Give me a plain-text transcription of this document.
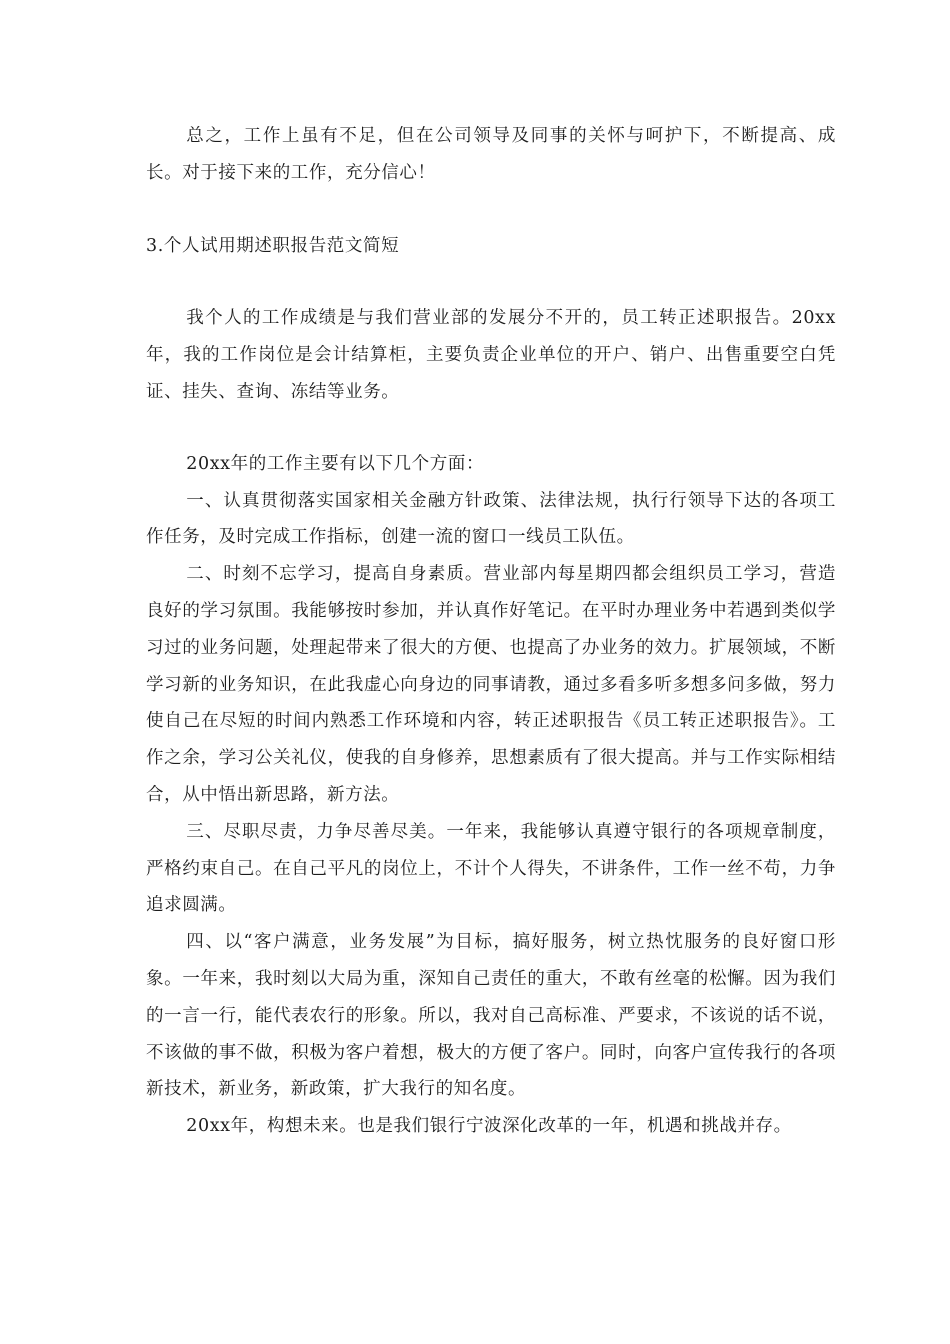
总之，工作上虽有不足，但在公司领导及同事的关怀与呵护下，不断提高、成长。对于接下来的工作，充分信心！

3.个人试用期述职报告范文简短

我个人的工作成绩是与我们营业部的发展分不开的，员工转正述职报告。20xx年，我的工作岗位是会计结算柜，主要负责企业单位的开户、销户、出售重要空白凭证、挂失、查询、冻结等业务。

20xx年的工作主要有以下几个方面：

一、认真贯彻落实国家相关金融方针政策、法律法规，执行行领导下达的各项工作任务，及时完成工作指标，创建一流的窗口一线员工队伍。

二、时刻不忘学习，提高自身素质。营业部内每星期四都会组织员工学习，营造良好的学习氛围。我能够按时参加，并认真作好笔记。在平时办理业务中若遇到类似学习过的业务问题，处理起带来了很大的方便、也提高了办业务的效力。扩展领域，不断学习新的业务知识，在此我虚心向身边的同事请教，通过多看多听多想多问多做，努力使自己在尽短的时间内熟悉工作环境和内容，转正述职报告《员工转正述职报告》。工作之余，学习公关礼仪，使我的自身修养，思想素质有了很大提高。并与工作实际相结合，从中悟出新思路，新方法。

三、尽职尽责，力争尽善尽美。一年来，我能够认真遵守银行的各项规章制度，严格约束自己。在自己平凡的岗位上，不计个人得失，不讲条件，工作一丝不苟，力争追求圆满。

四、以“客户满意，业务发展”为目标，搞好服务，树立热忱服务的良好窗口形象。一年来，我时刻以大局为重，深知自己责任的重大，不敢有丝毫的松懈。因为我们的一言一行，能代表农行的形象。所以，我对自己高标准、严要求，不该说的话不说，不该做的事不做，积极为客户着想，极大的方便了客户。同时，向客户宣传我行的各项新技术，新业务，新政策，扩大我行的知名度。

20xx年，构想未来。也是我们银行宁波深化改革的一年，机遇和挑战并存。
